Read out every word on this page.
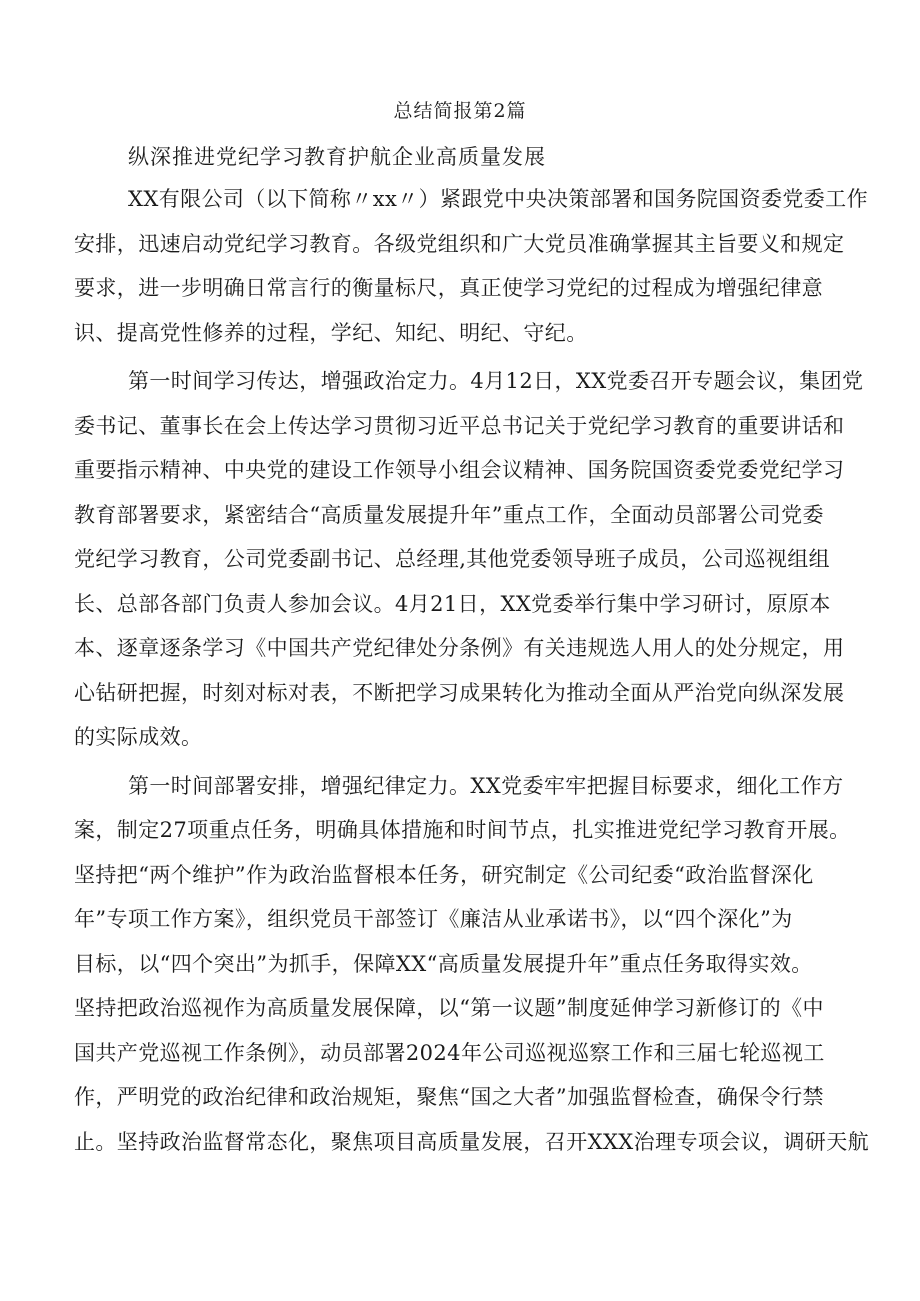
总结简报第2篇
纵深推进党纪学习教育护航企业高质量发展
XX有限公司（以下简称〃xx〃）紧跟党中央决策部署和国务院国资委党委工作
安排，迅速启动党纪学习教育。各级党组织和广大党员准确掌握其主旨要义和规定
要求，进一步明确日常言行的衡量标尺，真正使学习党纪的过程成为增强纪律意
识、提高党性修养的过程，学纪、知纪、明纪、守纪。
第一时间学习传达，增强政治定力。4月12日，XX党委召开专题会议，集团党
委书记、董事长在会上传达学习贯彻习近平总书记关于党纪学习教育的重要讲话和
重要指示精神、中央党的建设工作领导小组会议精神、国务院国资委党委党纪学习
教育部署要求，紧密结合“高质量发展提升年”重点工作，全面动员部署公司党委
党纪学习教育，公司党委副书记、总经理,其他党委领导班子成员，公司巡视组组
长、总部各部门负责人参加会议。4月21日，XX党委举行集中学习研讨，原原本
本、逐章逐条学习《中国共产党纪律处分条例》有关违规选人用人的处分规定，用
心钻研把握，时刻对标对表，不断把学习成果转化为推动全面从严治党向纵深发展
的实际成效。
第一时间部署安排，增强纪律定力。XX党委牢牢把握目标要求，细化工作方
案，制定27项重点任务，明确具体措施和时间节点，扎实推进党纪学习教育开展。
坚持把“两个维护”作为政治监督根本任务，研究制定《公司纪委“政治监督深化
年”专项工作方案》，组织党员干部签订《廉洁从业承诺书》，以“四个深化”为
目标，以“四个突出”为抓手，保障XX“高质量发展提升年”重点任务取得实效。
坚持把政治巡视作为高质量发展保障，以“第一议题”制度延伸学习新修订的《中
国共产党巡视工作条例》，动员部署2024年公司巡视巡察工作和三届七轮巡视工
作，严明党的政治纪律和政治规矩，聚焦“国之大者”加强监督检查，确保令行禁
止。坚持政治监督常态化，聚焦项目高质量发展，召开XXX治理专项会议，调研天航
